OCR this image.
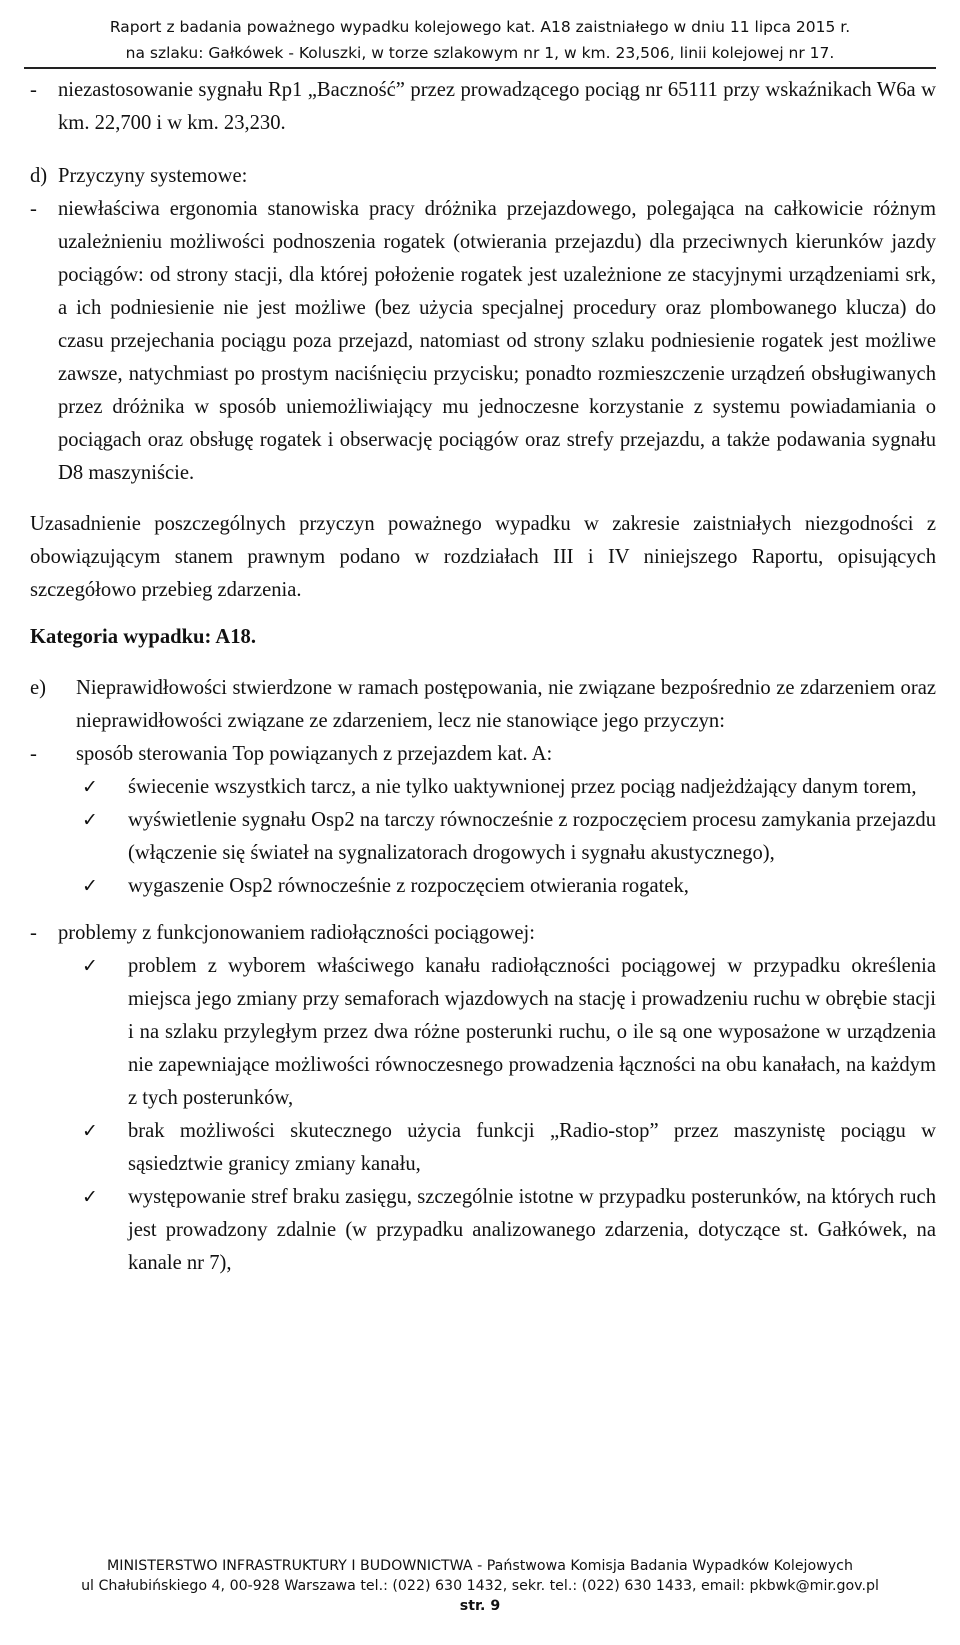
Raport z badania poważnego wypadku kolejowego kat. A18 zaistniałego w dniu 11 lipca 2015 r.
na szlaku: Gałkówek - Koluszki, w torze szlakowym nr 1, w km. 23,506, linii kolejowej nr 17.
-	niezastosowanie sygnału Rp1 „Baczność” przez prowadzącego pociąg nr 65111 przy wskaźnikach W6a w km. 22,700 i w km. 23,230.
d) Przyczyny systemowe:
-	niewłaściwa ergonomia stanowiska pracy dróżnika przejazdowego, polegająca na całkowicie różnym uzależnieniu możliwości podnoszenia rogatek (otwierania przejazdu) dla przeciwnych kierunków jazdy pociągów: od strony stacji, dla której położenie rogatek jest uzależnione ze stacyjnymi urządzeniami srk, a ich podniesienie nie jest możliwe (bez użycia specjalnej procedury oraz plombowanego klucza) do czasu przejechania pociągu poza przejazd, natomiast od strony szlaku podniesienie rogatek jest możliwe zawsze, natychmiast po prostym naciśnięciu przycisku; ponadto rozmieszczenie urządzeń obsługiwanych przez dróżnika w sposób uniemożliwiający mu jednoczesne korzystanie z systemu powiadamiania o pociągach oraz obsługę rogatek i obserwację pociągów oraz strefy przejazdu, a także podawania sygnału D8 maszyniście.

Uzasadnienie poszczególnych przyczyn poważnego wypadku w zakresie zaistniałych niezgodności z obowiązującym stanem prawnym podano w rozdziałach III i IV niniejszego Raportu, opisujących szczegółowo przebieg zdarzenia.

Kategoria wypadku: A18.

e)	Nieprawidłowości stwierdzone w ramach postępowania, nie związane bezpośrednio ze zdarzeniem oraz nieprawidłowości związane ze zdarzeniem, lecz nie stanowiące jego przyczyn:
-	sposób sterowania Top powiązanych z przejazdem kat. A:
✓	świecenie wszystkich tarcz, a nie tylko uaktywnionej przez pociąg nadjeżdżający danym torem,
✓	wyświetlenie sygnału Osp2 na tarczy równocześnie z rozpoczęciem procesu zamykania przejazdu (włączenie się świateł na sygnalizatorach drogowych i sygnału akustycznego),
✓	wygaszenie Osp2 równocześnie z rozpoczęciem otwierania rogatek,
-	problemy z funkcjonowaniem radiołączności pociągowej:
✓	problem z wyborem właściwego kanału radiołączności pociągowej w przypadku określenia miejsca jego zmiany przy semaforach wjazdowych na stację i prowadzeniu ruchu w obrębie stacji i na szlaku przyległym przez dwa różne posterunki ruchu, o ile są one wyposażone w urządzenia nie zapewniające możliwości równoczesnego prowadzenia łączności na obu kanałach, na każdym z tych posterunków,
✓	brak możliwości skutecznego użycia funkcji „Radio-stop” przez maszynistę pociągu w sąsiedztwie granicy zmiany kanału,
✓	występowanie stref braku zasięgu, szczególnie istotne w przypadku posterunków, na których ruch jest prowadzony zdalnie (w przypadku analizowanego zdarzenia, dotyczące st. Gałkówek, na kanale nr 7),
MINISTERSTWO INFRASTRUKTURY I BUDOWNICTWA - Państwowa Komisja Badania Wypadków Kolejowych
ul Chałubińskiego 4, 00-928 Warszawa tel.: (022) 630 1432, sekr. tel.: (022) 630 1433, email: pkbwk@mir.gov.pl
str. 9
